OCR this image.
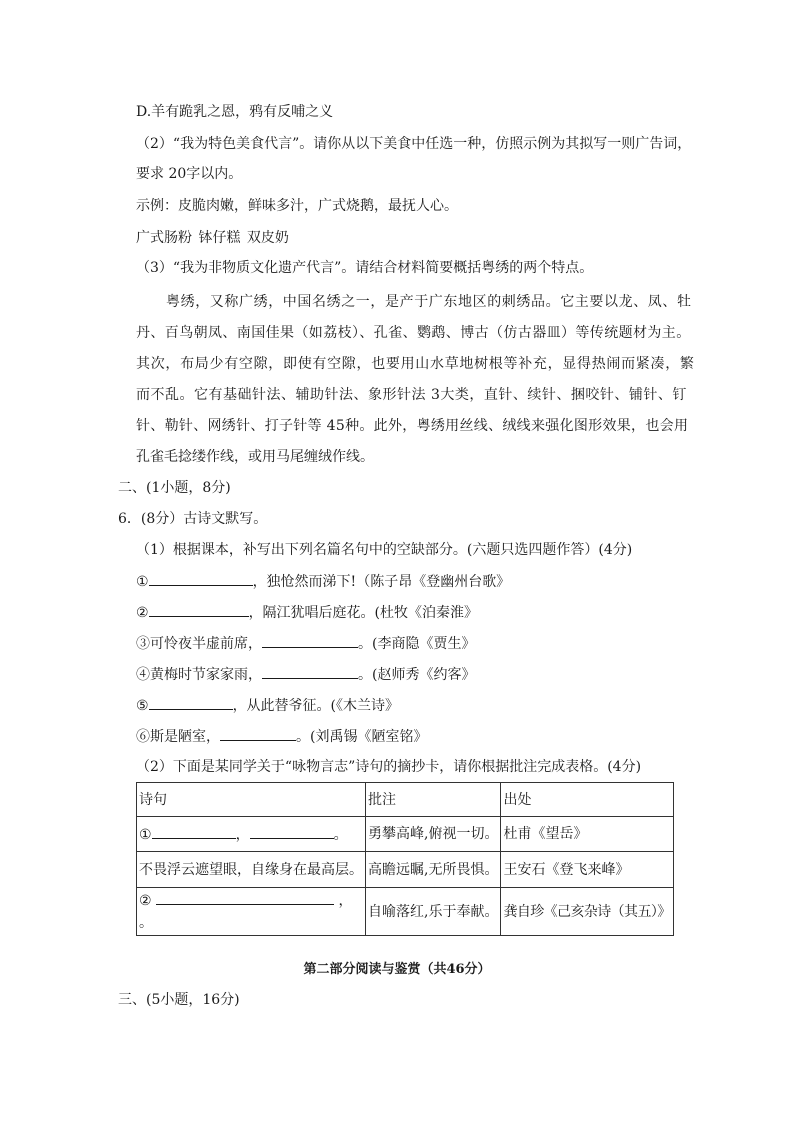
D.羊有跪乳之恩，鸦有反哺之义
（2）“我为特色美食代言”。请你从以下美食中任选一种，仿照示例为其拟写一则广告词，
要求 20字以内。
示例：皮脆肉嫩，鲜味多汁，广式烧鹅，最抚人心。
广式肠粉 钵仔糕 双皮奶
（3）“我为非物质文化遗产代言”。请结合材料简要概括粤绣的两个特点。
粤绣，又称广绣，中国名绣之一，是产于广东地区的刺绣品。它主要以龙、凤、牡
丹、百鸟朝凤、南国佳果（如荔枝）、孔雀、鹦鹉、博古（仿古器皿）等传统题材为主。
其次，布局少有空隙，即使有空隙，也要用山水草地树根等补充，显得热闹而紧凑，繁
而不乱。它有基础针法、辅助针法、象形针法 3大类，直针、续针、捆咬针、铺针、钉
针、勒针、网绣针、打子针等 45种。此外，粤绣用丝线、绒线来强化图形效果，也会用
孔雀毛捻缕作线，或用马尾缠绒作线。
二、(1小题，8分)
6．(8分）古诗文默写。
（1）根据课本，补写出下列名篇名句中的空缺部分。(六题只选四题作答）(4分)
①	，独怆然而涕下!（陈子昂《登幽州台歌》
②	，隔江犹唱后庭花。(杜牧《泊秦淮》
③可怜夜半虚前席，	。(李商隐《贾生》
④黄梅时节家家雨，	。(赵师秀《约客》
⑤	，从此替爷征。(《木兰诗》
⑥斯是陋室，	。(刘禹锡《陋室铭》
（2）下面是某同学关于“咏物言志”诗句的摘抄卡，请你根据批注完成表格。(4分)
诗句	批注	出处
① ， 。	勇攀高峰,俯视一切。	杜甫《望岳》
不畏浮云遮望眼，自缘身在最高层。	高瞻远瞩,无所畏惧。	王安石《登飞来峰》
② ，
。	自喻落红,乐于奉献。	龚自珍《己亥杂诗（其五）》
第二部分阅读与鉴赏（共46分）
三、(5小题，16分)
